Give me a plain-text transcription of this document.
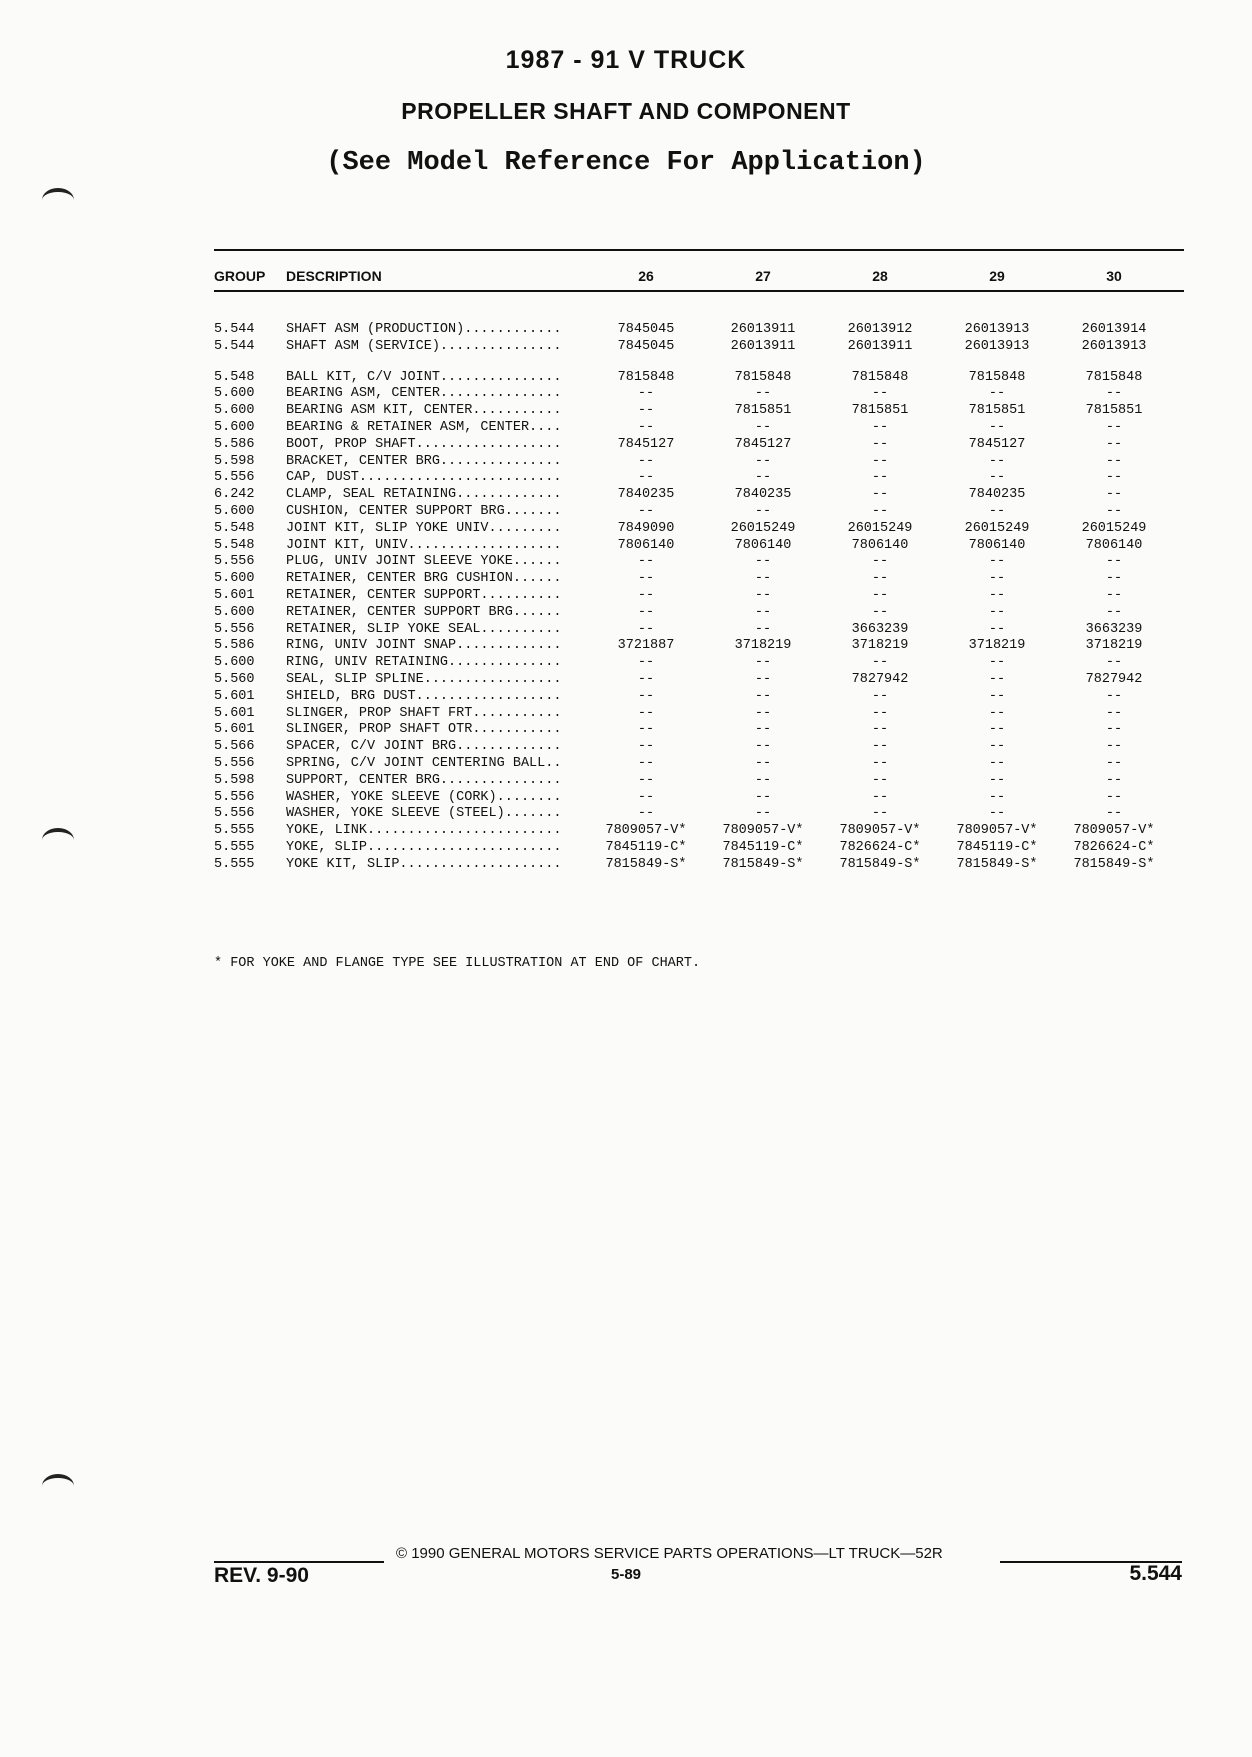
1987 - 91 V TRUCK
PROPELLER SHAFT AND COMPONENT
(See Model Reference For Application)
GROUP DESCRIPTION	26	27	28	29	30
5.544 SHAFT ASM (PRODUCTION)............	7845045	26013911	26013912	26013913	26013914
5.544 SHAFT ASM (SERVICE)...............	7845045	26013911	26013911	26013913	26013913
5.548 BALL KIT, C/V JOINT...............	7815848	7815848	7815848	7815848	7815848
5.600 BEARING ASM, CENTER...............	--	--	--	--	--
5.600 BEARING ASM KIT, CENTER...........	--	7815851	7815851	7815851	7815851
5.600 BEARING & RETAINER ASM, CENTER....	--	--	--	--	--
5.586 BOOT, PROP SHAFT..................	7845127	7845127	--	7845127	--
5.598 BRACKET, CENTER BRG...............	--	--	--	--	--
5.556 CAP, DUST.........................	--	--	--	--	--
6.242 CLAMP, SEAL RETAINING.............	7840235	7840235	--	7840235	--
5.600 CUSHION, CENTER SUPPORT BRG.......	--	--	--	--	--
5.548 JOINT KIT, SLIP YOKE UNIV.........	7849090	26015249	26015249	26015249	26015249
5.548 JOINT KIT, UNIV...................	7806140	7806140	7806140	7806140	7806140
5.556 PLUG, UNIV JOINT SLEEVE YOKE......	--	--	--	--	--
5.600 RETAINER, CENTER BRG CUSHION......	--	--	--	--	--
5.601 RETAINER, CENTER SUPPORT..........	--	--	--	--	--
5.600 RETAINER, CENTER SUPPORT BRG......	--	--	--	--	--
5.556 RETAINER, SLIP YOKE SEAL..........	--	--	3663239	--	3663239
5.586 RING, UNIV JOINT SNAP.............	3721887	3718219	3718219	3718219	3718219
5.600 RING, UNIV RETAINING..............	--	--	--	--	--
5.560 SEAL, SLIP SPLINE.................	--	--	7827942	--	7827942
5.601 SHIELD, BRG DUST..................	--	--	--	--	--
5.601 SLINGER, PROP SHAFT FRT...........	--	--	--	--	--
5.601 SLINGER, PROP SHAFT OTR...........	--	--	--	--	--
5.566 SPACER, C/V JOINT BRG.............	--	--	--	--	--
5.556 SPRING, C/V JOINT CENTERING BALL..	--	--	--	--	--
5.598 SUPPORT, CENTER BRG...............	--	--	--	--	--
5.556 WASHER, YOKE SLEEVE (CORK)........	--	--	--	--	--
5.556 WASHER, YOKE SLEEVE (STEEL).......	--	--	--	--	--
5.555 YOKE, LINK........................	7809057-V*	7809057-V*	7809057-V*	7809057-V*	7809057-V*
5.555 YOKE, SLIP........................	7845119-C*	7845119-C*	7826624-C*	7845119-C*	7826624-C*
5.555 YOKE KIT, SLIP....................	7815849-S*	7815849-S*	7815849-S*	7815849-S*	7815849-S*
* FOR YOKE AND FLANGE TYPE SEE ILLUSTRATION AT END OF CHART.
© 1990 GENERAL MOTORS SERVICE PARTS OPERATIONS—LT TRUCK—52R
REV. 9-90	5-89	5.544
